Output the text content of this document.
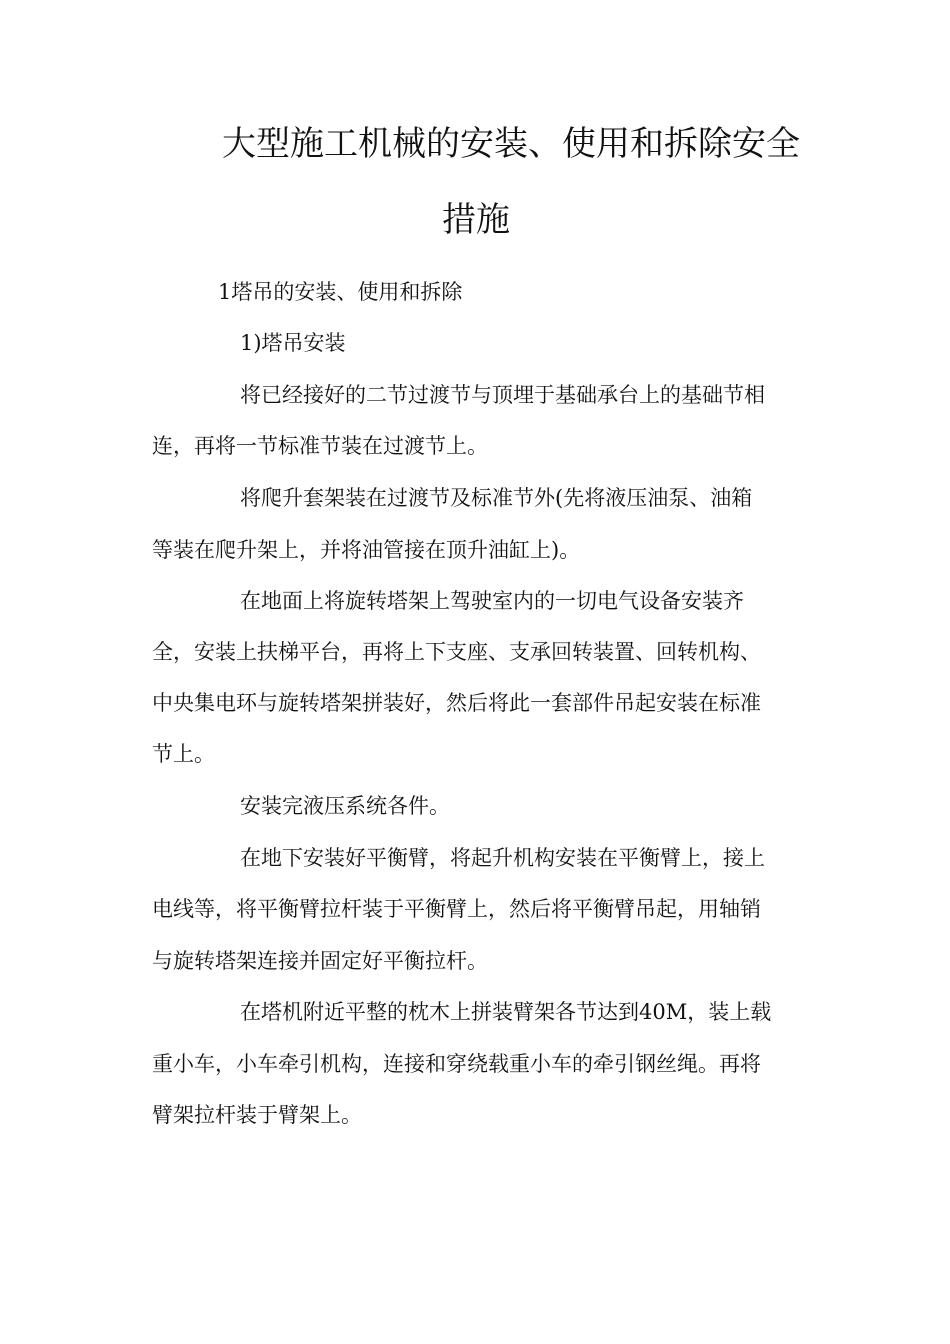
大型施工机械的安装、使用和拆除安全
措施
1塔吊的安装、使用和拆除
1)塔吊安装
将已经接好的二节过渡节与顶埋于基础承台上的基础节相
连，再将一节标准节装在过渡节上。
将爬升套架装在过渡节及标准节外(先将液压油泵、油箱
等装在爬升架上，并将油管接在顶升油缸上)。
在地面上将旋转塔架上驾驶室内的一切电气设备安装齐
全，安装上扶梯平台，再将上下支座、支承回转装置、回转机构、
中央集电环与旋转塔架拼装好，然后将此一套部件吊起安装在标准
节上。
安装完液压系统各件。
在地下安装好平衡臂，将起升机构安装在平衡臂上，接上
电线等，将平衡臂拉杆装于平衡臂上，然后将平衡臂吊起，用轴销
与旋转塔架连接并固定好平衡拉杆。
在塔机附近平整的枕木上拼装臂架各节达到40M，装上载
重小车，小车牵引机构，连接和穿绕载重小车的牵引钢丝绳。再将
臂架拉杆装于臂架上。
